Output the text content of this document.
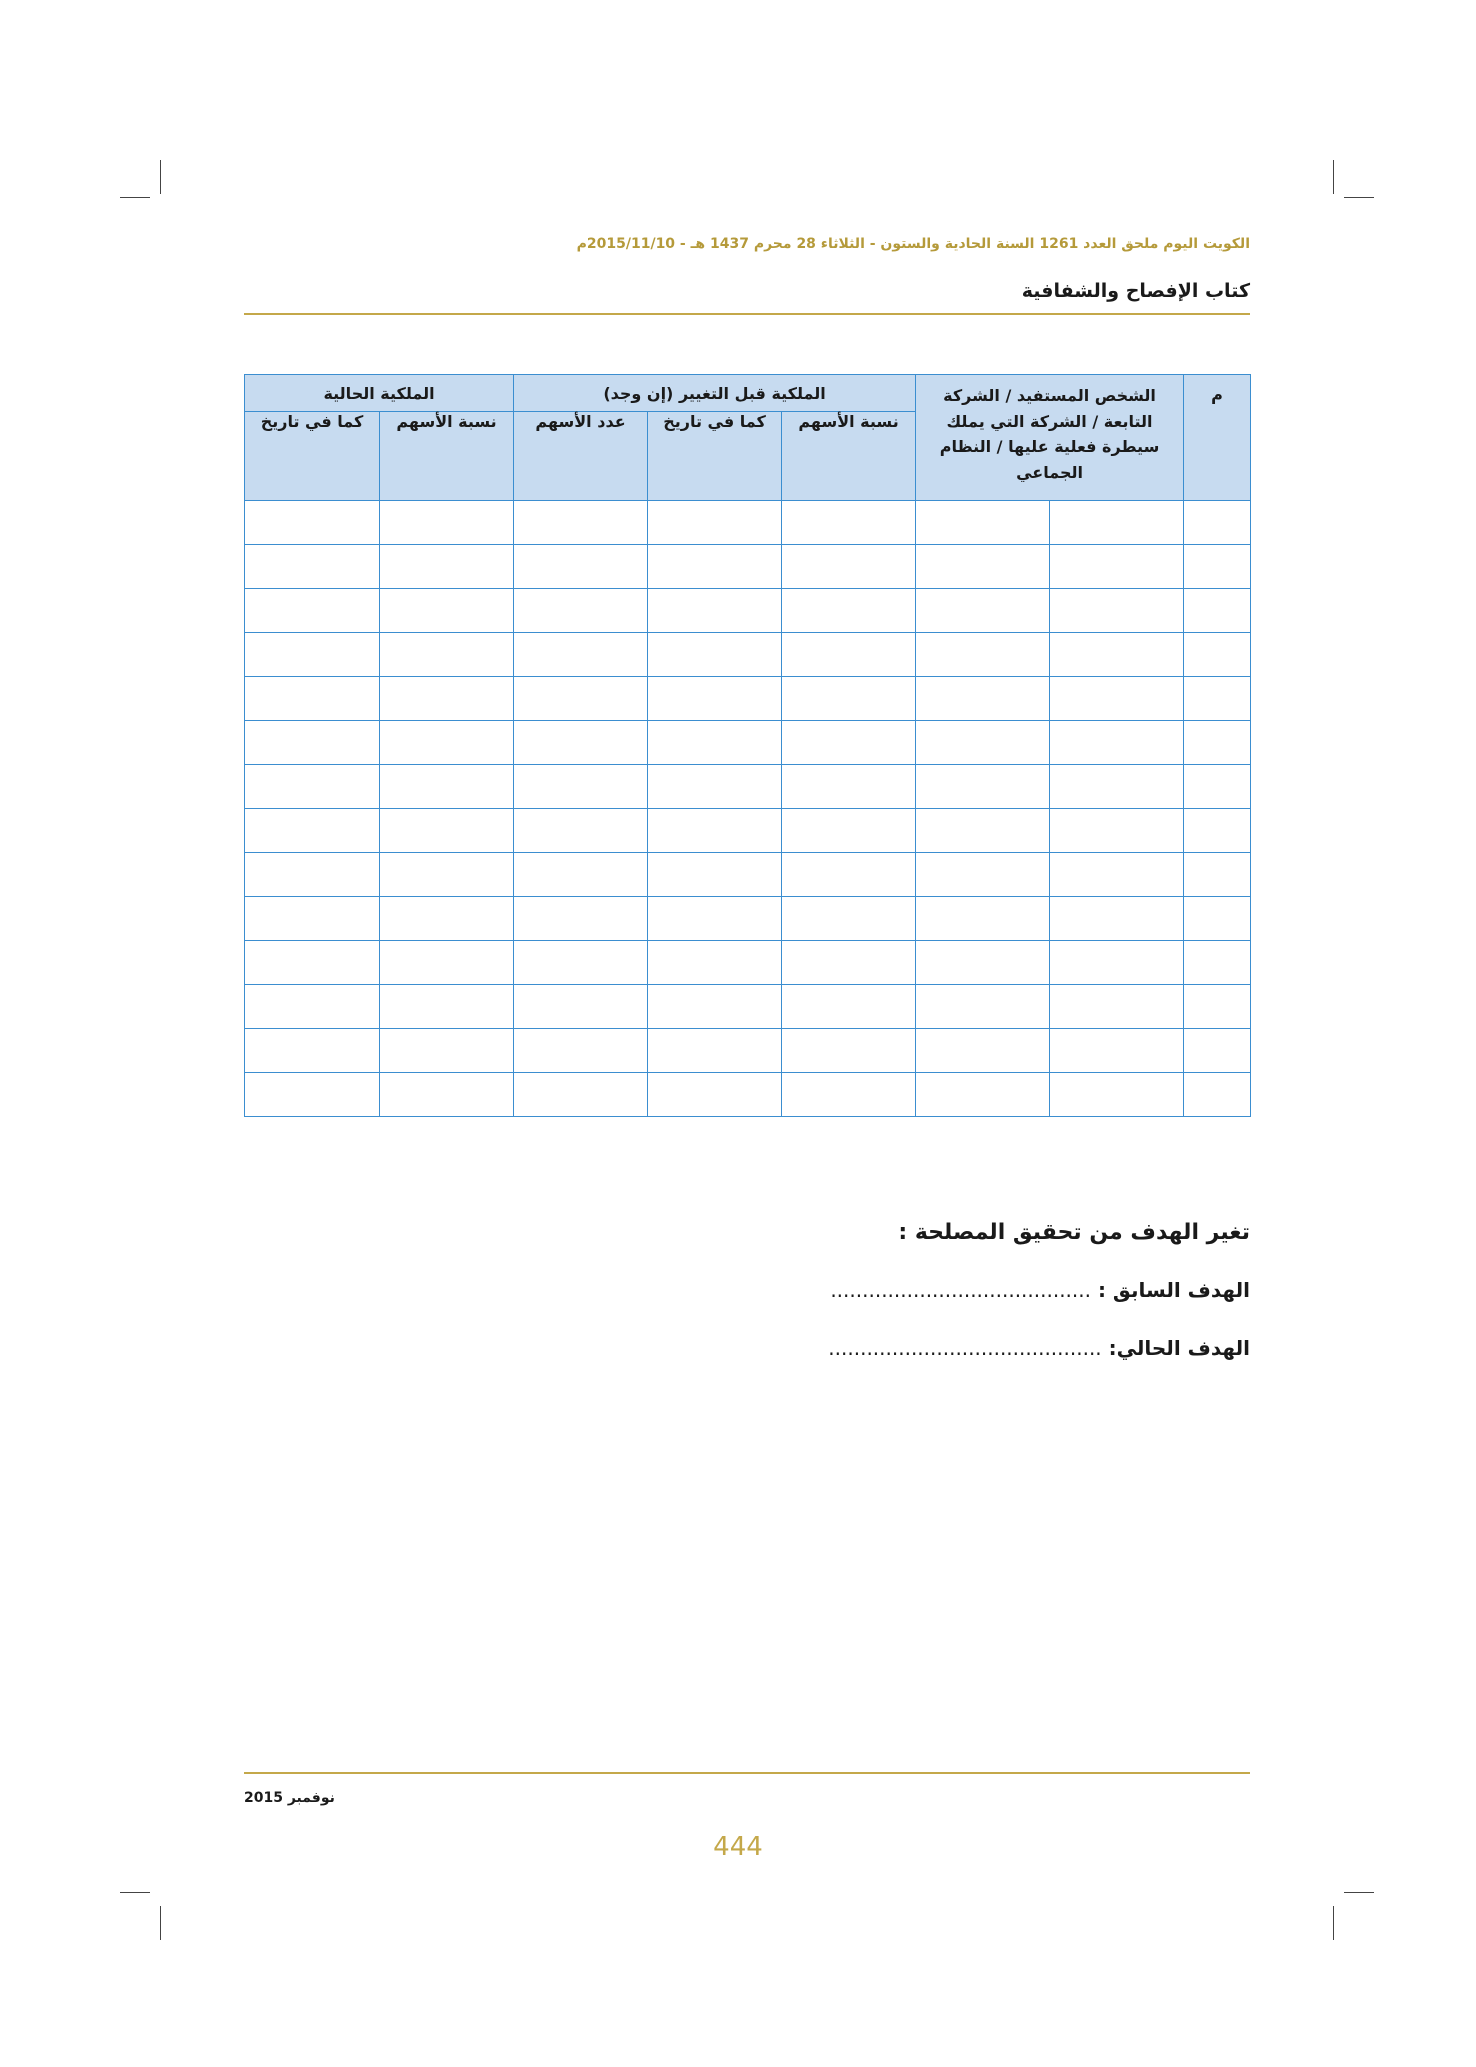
الكويت اليوم ملحق العدد 1261 السنة الحادية والستون - الثلاثاء 28 محرم 1437 هـ - 2015/11/10م
كتاب الإفصاح والشفافية
م	الشخص المستفيد / الشركة التابعة / الشركة التي يملك سيطرة فعلية عليها / النظام الجماعي		الملكية قبل التغيير (إن وجد)			الملكية الحالية	
			نسبة الأسهم	كما في تاريخ	عدد الأسهم	نسبة الأسهم	كما في تاريخ

تغير الهدف من تحقيق المصلحة :
الهدف السابق : .........................................
الهدف الحالي: ...........................................
نوفمبر 2015
444
